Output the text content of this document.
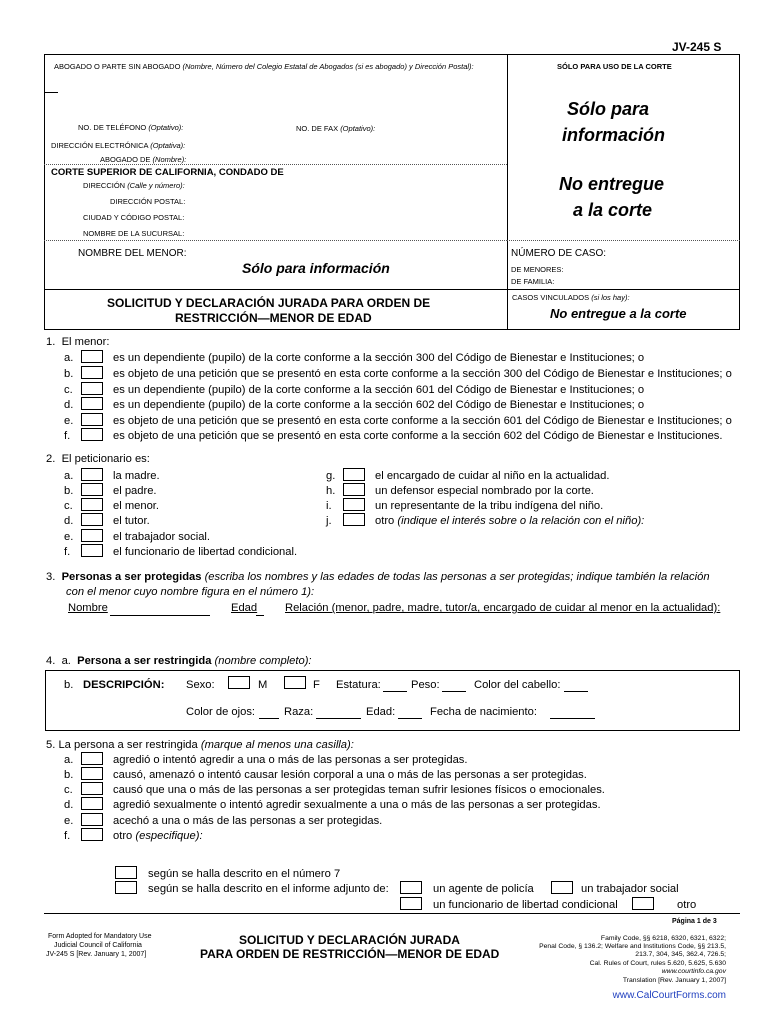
JV-245 S
ABOGADO O PARTE SIN ABOGADO (Nombre, Número del Colegio Estatal de Abogados (si es abogado) y Dirección Postal):	SÓLO PARA USO DE LA CORTE
NO. DE TELÉFONO (Optativo):	NO. DE FAX (Optativo):
DIRECCIÓN ELECTRÓNICA (Optativa):
ABOGADO DE (Nombre):
Sólo para
información
No entregue
a la corte
CORTE SUPERIOR DE CALIFORNIA, CONDADO DE
DIRECCIÓN (Calle y número):
DIRECCIÓN POSTAL:
CIUDAD Y CÓDIGO POSTAL:
NOMBRE DE LA SUCURSAL:
NOMBRE DEL MENOR:
Sólo para información
NÚMERO DE CASO:
DE MENORES:
DE FAMILIA:
CASOS VINCULADOS (si los hay):
No entregue a la corte
SOLICITUD Y DECLARACIÓN JURADA PARA ORDEN DE
RESTRICCIÓN—MENOR DE EDAD
1. El menor:
a.	es un dependiente (pupilo) de la corte conforme a la sección 300 del Código de Bienestar e Instituciones; o
b.	es objeto de una petición que se presentó en esta corte conforme a la sección 300 del Código de Bienestar e Instituciones; o
c.	es un dependiente (pupilo) de la corte conforme a la sección 601 del Código de Bienestar e Instituciones; o
d.	es un dependiente (pupilo) de la corte conforme a la sección 602 del Código de Bienestar e Instituciones; o
e.	es objeto de una petición que se presentó en esta corte conforme a la sección 601 del Código de Bienestar e Instituciones; o
f.	es objeto de una petición que se presentó en esta corte conforme a la sección 602 del Código de Bienestar e Instituciones.
2. El peticionario es:
a.	la madre.
b.	el padre.
c.	el menor.
d.	el tutor.
e.	el trabajador social.
f.	el funcionario de libertad condicional.
g.	el encargado de cuidar al niño en la actualidad.
h.	un defensor especial nombrado por la corte.
i.	un representante de la tribu indígena del niño.
j.	otro (indique el interés sobre o la relación con el niño):
3. Personas a ser protegidas (escriba los nombres y las edades de todas las personas a ser protegidas; indique también la relación
con el menor cuyo nombre figura en el número 1):
Nombre	Edad Relación (menor, padre, madre, tutor/a, encargado de cuidar al menor en la actualidad):
4. a. Persona a ser restringida (nombre completo):
b. DESCRIPCIÓN: Sexo:	M	F Estatura:	Peso:	Color del cabello:
Color de ojos:	Raza:	Edad:	Fecha de nacimiento:
5. La persona a ser restringida (marque al menos una casilla):
a.	agredió o intentó agredir a una o más de las personas a ser protegidas.
b.	causó, amenazó o intentó causar lesión corporal a una o más de las personas a ser protegidas.
c.	causó que una o más de las personas a ser protegidas teman sufrir lesiones físicos o emocionales.
d.	agredió sexualmente o intentó agredir sexualmente a una o más de las personas a ser protegidas.
e.	acechó a una o más de las personas a ser protegidas.
f.	otro (especifique):
según se halla descrito en el número 7
según se halla descrito en el informe adjunto de:	un agente de policía	un trabajador social
un funcionario de libertad condicional	otro
Página 1 de 3
Form Adopted for Mandatory Use
Judicial Council of California
JV-245 S [Rev. January 1, 2007]
SOLICITUD Y DECLARACIÓN JURADA
PARA ORDEN DE RESTRICCIÓN—MENOR DE EDAD
Family Code, §§ 6218, 6320, 6321, 6322;
Penal Code, § 136.2; Welfare and Institutions Code, §§ 213.5,
213.7, 304, 345, 362.4, 726.5;
Cal. Rules of Court, rules 5.620, 5.625, 5.630
www.courtinfo.ca.gov
Translation [Rev. January 1, 2007]
www.CalCourtForms.com
